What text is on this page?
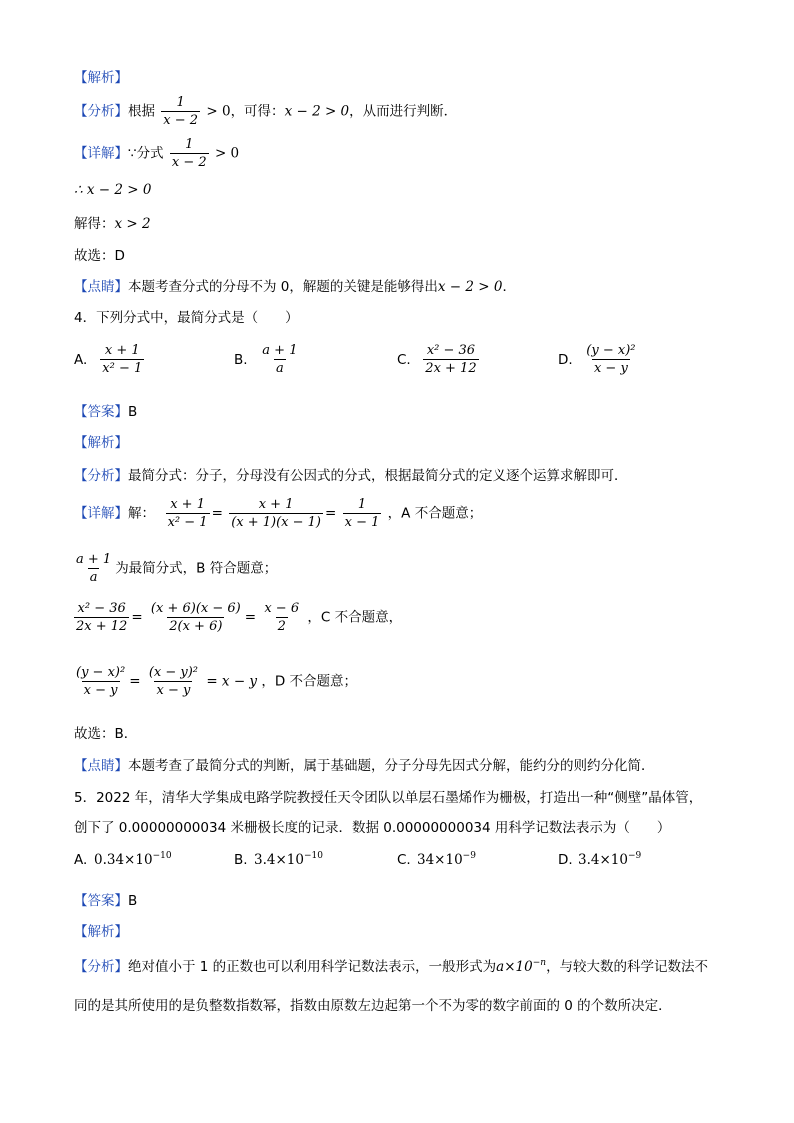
【解析】
【分析】根据 $\frac{1}{x - 2} > 0$，可得：x − 2 > 0，从而进行判断．
【详解】∵分式 $\frac{1}{x - 2} > 0$
∴ x − 2 > 0
解得：x > 2
故选：D
【点睛】本题考查分式的分母不为 0，解题的关键是能够得出x − 2 > 0．
4．下列分式中，最简分式是（　　）
A. $\frac{x + 1}{\text{x² − 1}}$	B. $\frac{a + 1}{a}$	C. $\frac{\text{x² − 36}}{2x + 12}$	D. $\frac{\text{(y − x)²}}{x - y}$
【答案】B
【解析】
【分析】最简分式：分子，分母没有公因式的分式，根据最简分式的定义逐个运算求解即可．
【详解】解： $\frac{x + 1}{\text{x² − 1}} = \frac{x + 1}{(x + 1)(x - 1)} = \frac{1}{x - 1}$ ，A 不合题意；
$\frac{a + 1}{a}$ 为最简分式，B 符合题意；
$\frac{\text{x² − 36}}{2x + 12} = \frac{(x + 6)(x - 6)}{2(x + 6)} = \frac{x - 6}{2}$ ，C 不合题意，
$\frac{\text{(y − x)²}}{x - y} = \frac{\text{(x − y)²}}{x - y} = x - y$ ，D 不合题意；
故选：B．
【点睛】本题考查了最简分式的判断，属于基础题，分子分母先因式分解，能约分的则约分化简．
5．2022 年，清华大学集成电路学院教授任天令团队以单层石墨烯作为栅极，打造出一种“侧壁”晶体管，
创下了 0.00000000034 米栅极长度的记录．数据 0.00000000034 用科学记数法表示为（　　）
A. $0.34\times 10^{-10}$	B. $3.4\times 10^{-10}$	C. $34\times 10^{-9}$	D. $3.4\times 10^{-9}$
【答案】B
【解析】
【分析】绝对值小于 1 的正数也可以利用科学记数法表示，一般形式为$a\times 10^{-n}$，与较大数的科学记数法不
同的是其所使用的是负整数指数幂，指数由原数左边起第一个不为零的数字前面的 0 的个数所决定．
